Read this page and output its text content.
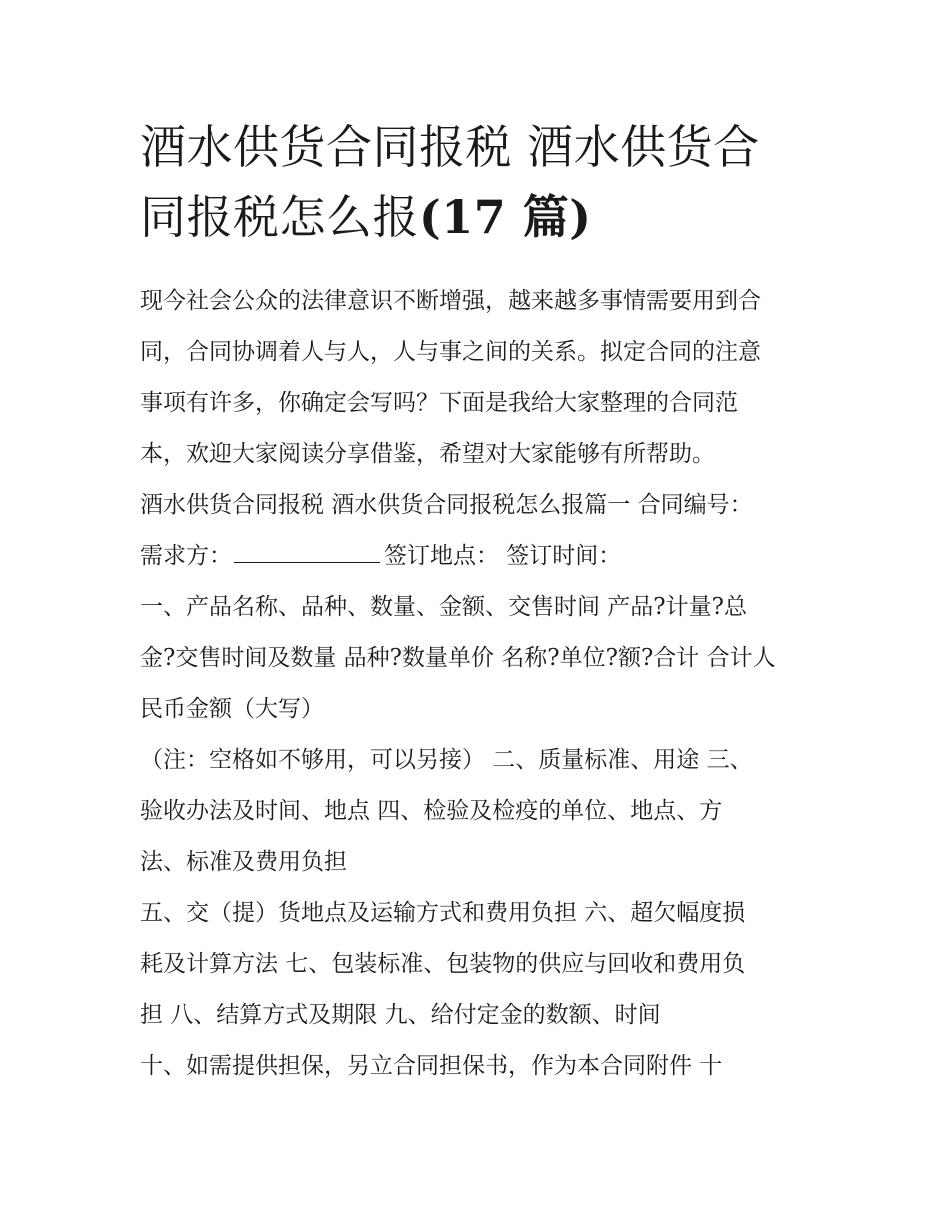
酒水供货合同报税 酒水供货合
同报税怎么报(17 篇)
现今社会公众的法律意识不断增强，越来越多事情需要用到合
同，合同协调着人与人，人与事之间的关系。拟定合同的注意
事项有许多，你确定会写吗？下面是我给大家整理的合同范
本，欢迎大家阅读分享借鉴，希望对大家能够有所帮助。
酒水供货合同报税 酒水供货合同报税怎么报篇一 合同编号：
需求方：	签订地点： 签订时间：
一、产品名称、品种、数量、金额、交售时间 产品?计量?总
金?交售时间及数量 品种?数量单价 名称?单位?额?合计 合计人
民币金额（大写）
（注：空格如不够用，可以另接） 二、质量标准、用途 三、
验收办法及时间、地点 四、检验及检疫的单位、地点、方
法、标准及费用负担
五、交（提）货地点及运输方式和费用负担 六、超欠幅度损
耗及计算方法 七、包装标准、包装物的供应与回收和费用负
担 八、结算方式及期限 九、给付定金的数额、时间
十、如需提供担保，另立合同担保书，作为本合同附件 十
